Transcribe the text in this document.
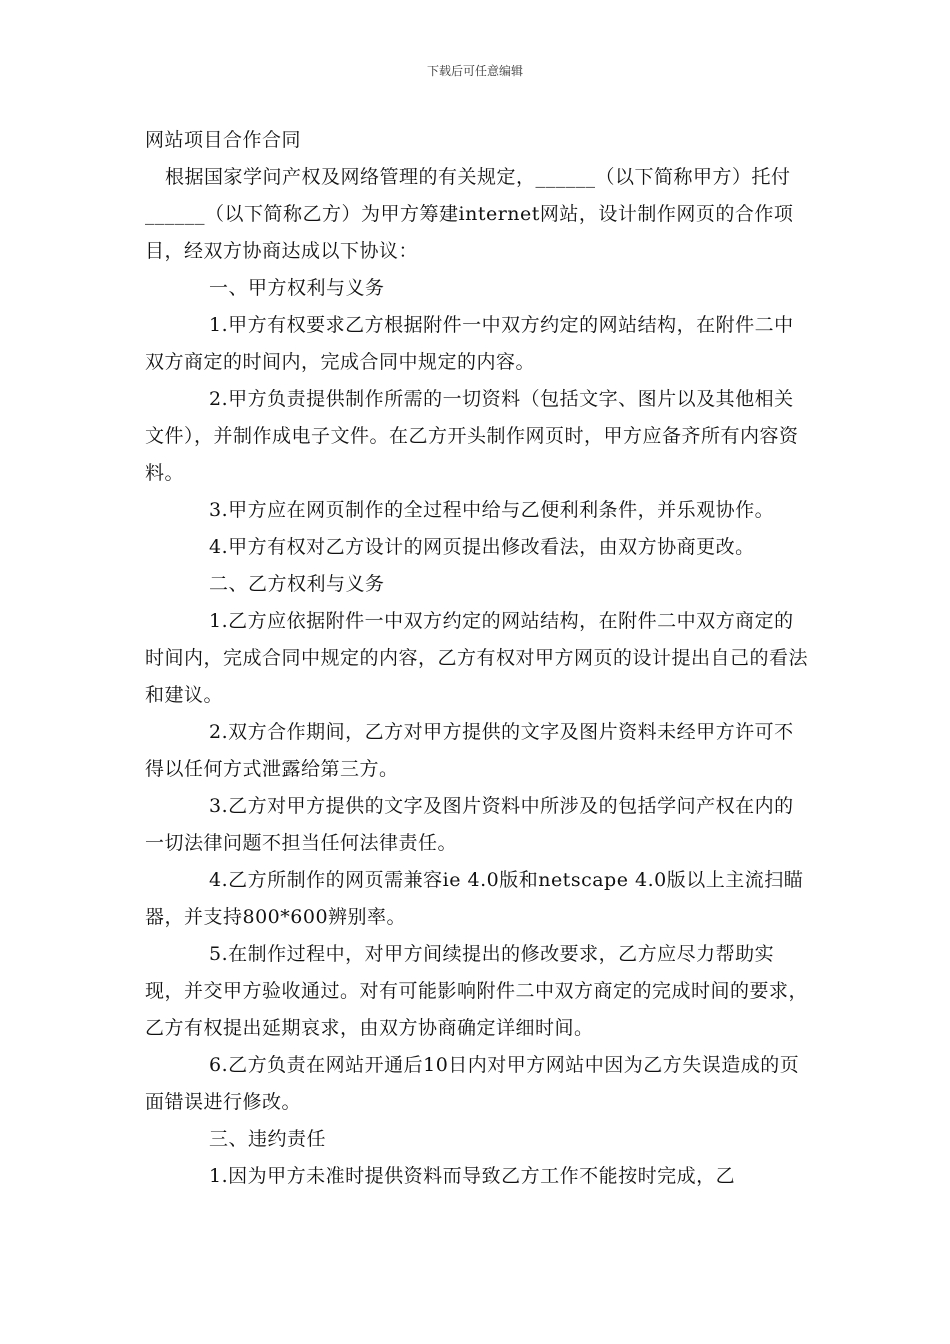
下载后可任意编辑

网站项目合作合同

根据国家学问产权及网络管理的有关规定，______（以下简称甲方）托付______（以下简称乙方）为甲方筹建internet网站，设计制作网页的合作项目，经双方协商达成以下协议：

一、甲方权利与义务

1.甲方有权要求乙方根据附件一中双方约定的网站结构，在附件二中双方商定的时间内，完成合同中规定的内容。

2.甲方负责提供制作所需的一切资料（包括文字、图片以及其他相关文件），并制作成电子文件。在乙方开头制作网页时，甲方应备齐所有内容资料。

3.甲方应在网页制作的全过程中给与乙便利利条件，并乐观协作。

4.甲方有权对乙方设计的网页提出修改看法，由双方协商更改。

二、乙方权利与义务

1.乙方应依据附件一中双方约定的网站结构，在附件二中双方商定的时间内，完成合同中规定的内容，乙方有权对甲方网页的设计提出自己的看法和建议。

2.双方合作期间，乙方对甲方提供的文字及图片资料未经甲方许可不得以任何方式泄露给第三方。

3.乙方对甲方提供的文字及图片资料中所涉及的包括学问产权在内的一切法律问题不担当任何法律责任。

4.乙方所制作的网页需兼容ie 4.0版和netscape 4.0版以上主流扫瞄器，并支持800*600辨别率。

5.在制作过程中，对甲方间续提出的修改要求，乙方应尽力帮助实现，并交甲方验收通过。对有可能影响附件二中双方商定的完成时间的要求，乙方有权提出延期哀求，由双方协商确定详细时间。

6.乙方负责在网站开通后10日内对甲方网站中因为乙方失误造成的页面错误进行修改。

三、违约责任

1.因为甲方未准时提供资料而导致乙方工作不能按时完成，乙
